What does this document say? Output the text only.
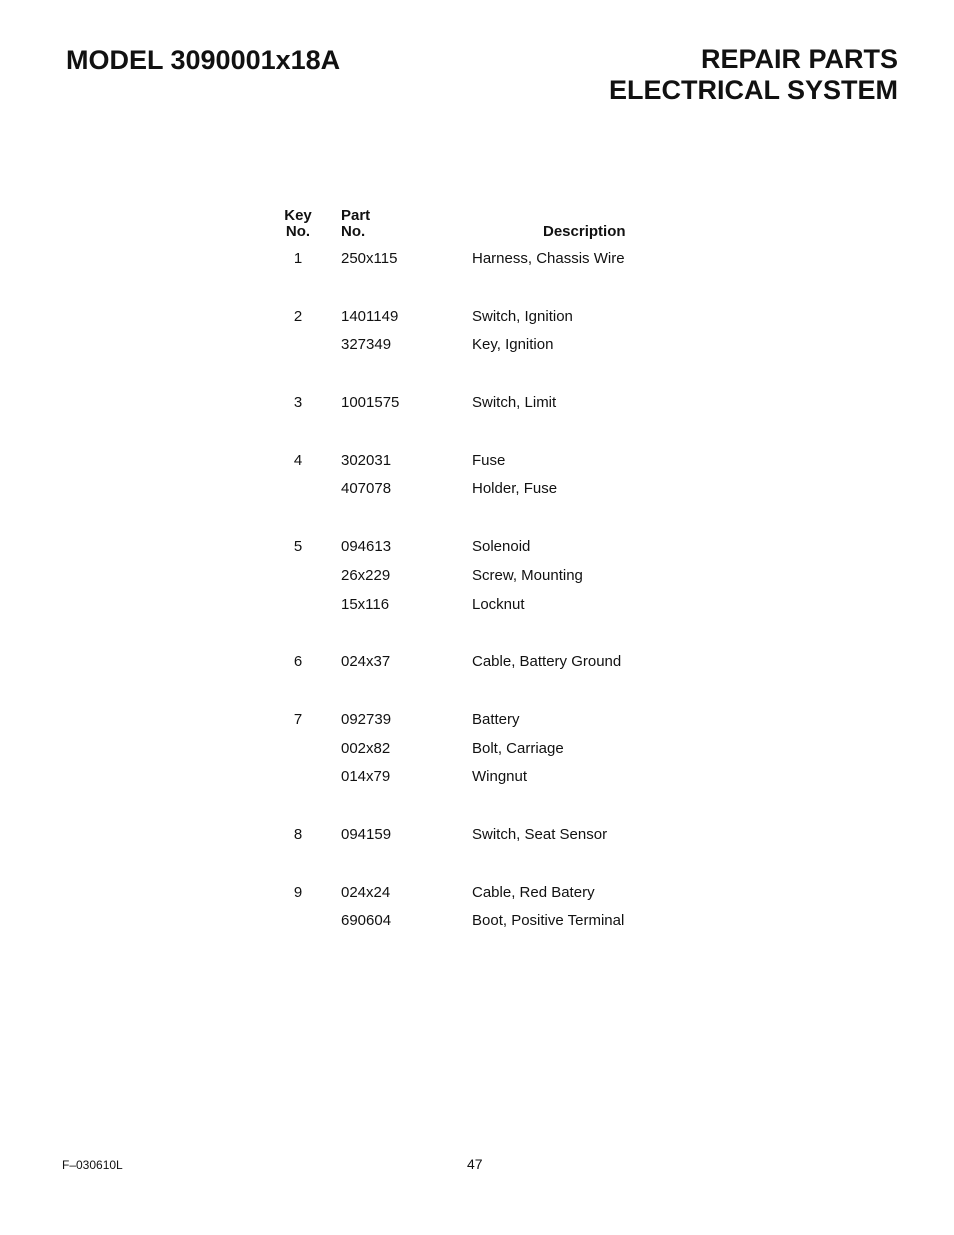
MODEL 3090001x18A	REPAIR PARTS
ELECTRICAL SYSTEM
Key
No.
Part
No.	Description
1	250x115	Harness, Chassis Wire
2	1401149	Switch, Ignition
327349	Key, Ignition
3	1001575	Switch, Limit
4	302031	Fuse
407078	Holder, Fuse
5	094613	Solenoid
26x229	Screw, Mounting
15x116	Locknut
6	024x37	Cable, Battery Ground
7	092739	Battery
002x82	Bolt, Carriage
014x79	Wingnut
8	094159	Switch, Seat Sensor
9	024x24	Cable, Red Batery
690604	Boot, Positive Terminal
F–030610L	47
